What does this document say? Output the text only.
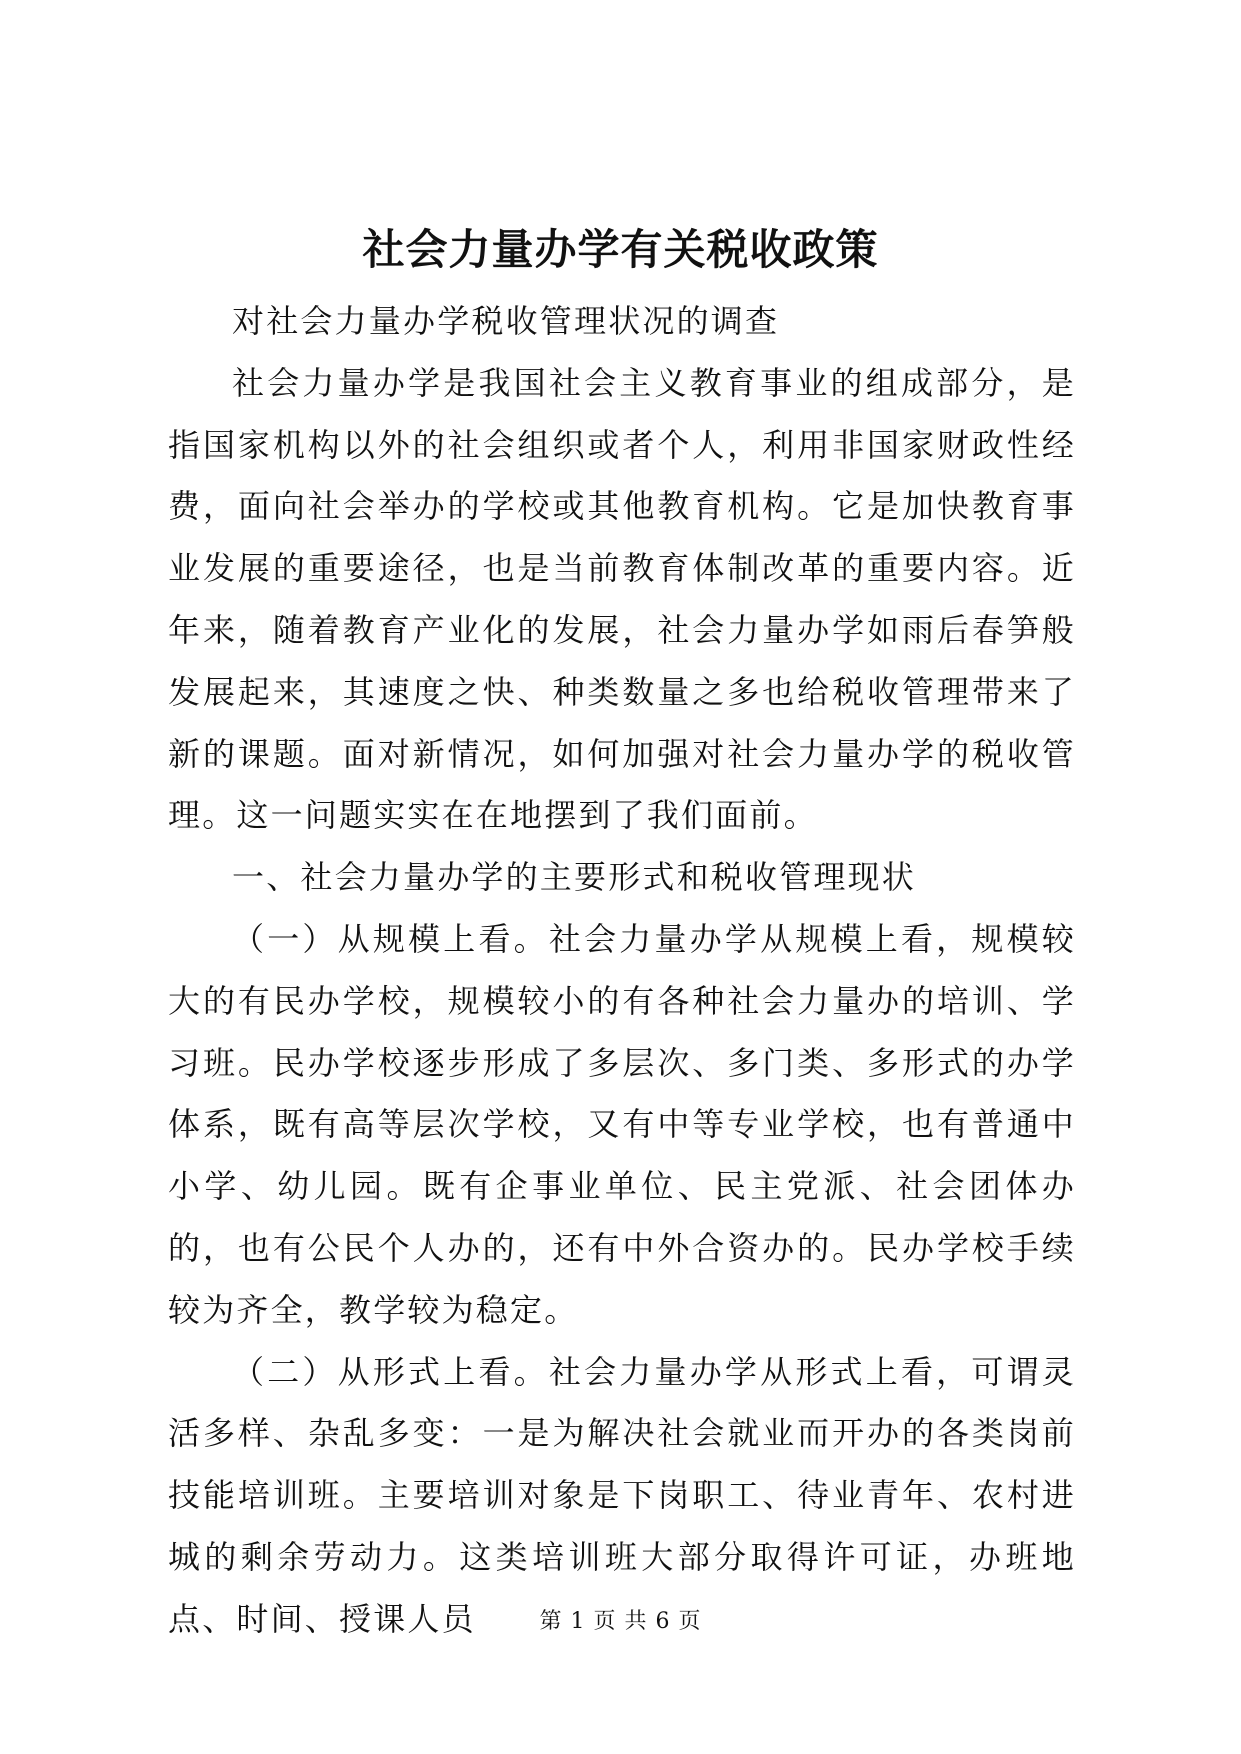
社会力量办学有关税收政策

对社会力量办学税收管理状况的调查

社会力量办学是我国社会主义教育事业的组成部分，是指国家机构以外的社会组织或者个人，利用非国家财政性经费，面向社会举办的学校或其他教育机构。它是加快教育事业发展的重要途径，也是当前教育体制改革的重要内容。近年来，随着教育产业化的发展，社会力量办学如雨后春笋般发展起来，其速度之快、种类数量之多也给税收管理带来了新的课题。面对新情况，如何加强对社会力量办学的税收管理。这一问题实实在在地摆到了我们面前。

一、社会力量办学的主要形式和税收管理现状

（一）从规模上看。社会力量办学从规模上看，规模较大的有民办学校，规模较小的有各种社会力量办的培训、学习班。民办学校逐步形成了多层次、多门类、多形式的办学体系，既有高等层次学校，又有中等专业学校，也有普通中小学、幼儿园。既有企事业单位、民主党派、社会团体办的，也有公民个人办的，还有中外合资办的。民办学校手续较为齐全，教学较为稳定。

（二）从形式上看。社会力量办学从形式上看，可谓灵活多样、杂乱多变：一是为解决社会就业而开办的各类岗前技能培训班。主要培训对象是下岗职工、待业青年、农村进城的剩余劳动力。这类培训班大部分取得许可证，办班地点、时间、授课人员	第 1 页 共 6 页
